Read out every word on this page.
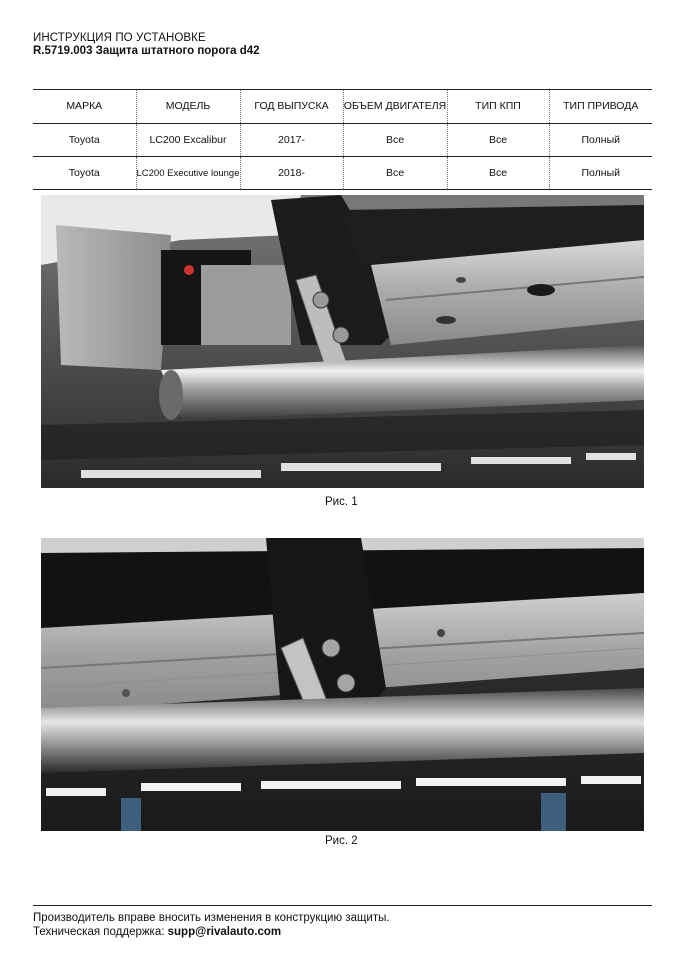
ИНСТРУКЦИЯ ПО УСТАНОВКЕ
R.5719.003 Защита штатного порога d42
МАРКА	МОДЕЛЬ	ГОД ВЫПУСКА	ОБЪЕМ ДВИГАТЕЛЯ	ТИП КПП	ТИП ПРИВОДА
Toyota	LC200 Excalibur	2017-	Все	Все	Полный
Toyota	LC200 Executive lounge	2018-	Все	Все	Полный
Рис. 1
Рис. 2
Производитель вправе вносить изменения в конструкцию защиты.
Техническая поддержка: supp@rivalauto.com
